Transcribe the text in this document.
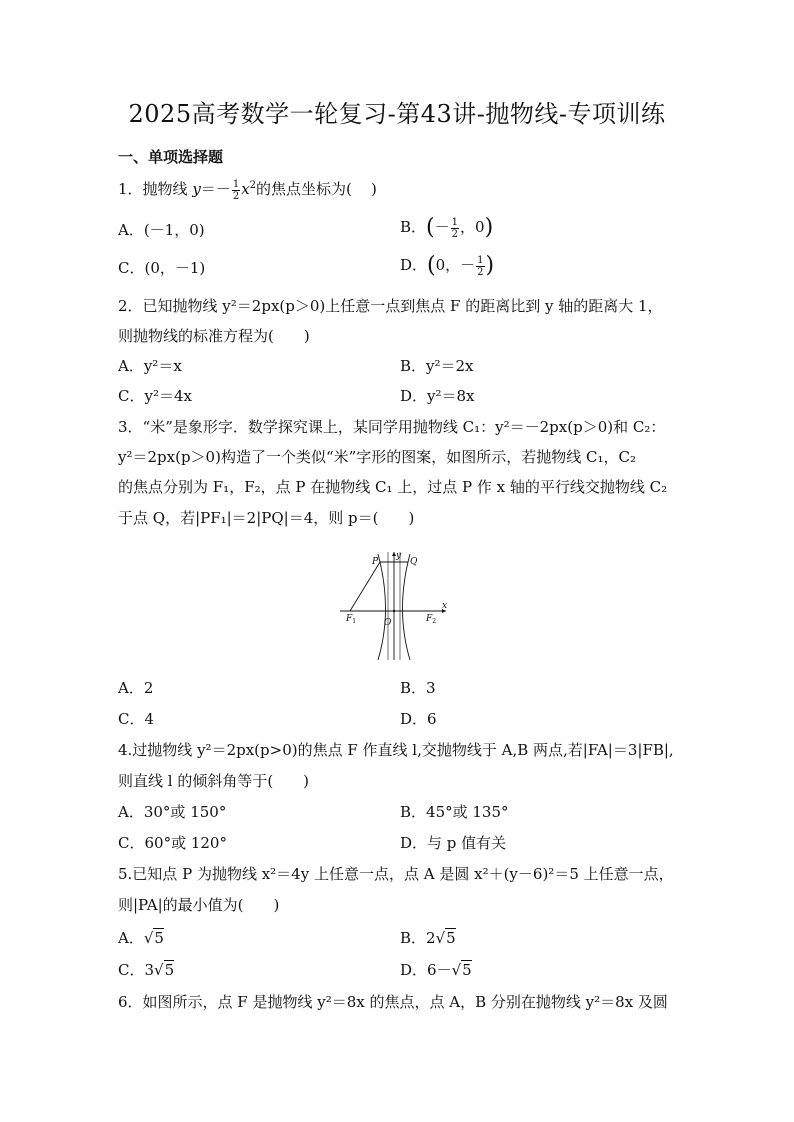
2025高考数学一轮复习-第43讲-抛物线-专项训练
一、单项选择题
1．抛物线 $y=- \frac{1}{2} x^2$的焦点坐标为( )
A．(－1，0)	B．(－ $\frac{1}{2}$ ，0)
C．(0，－1)	D．(0，－ $\frac{1}{2}$ )
2．已知抛物线 y²＝2px(p＞0)上任意一点到焦点 F 的距离比到 y 轴的距离大 1，
则抛物线的标准方程为(　　)
A．y²＝x	B．y²＝2x
C．y²＝4x	D．y²＝8x
3．“米”是象形字．数学探究课上，某同学用抛物线 C₁：y²＝－2px(p＞0)和 C₂：
y²＝2px(p＞0)构造了一个类似“米”字形的图案，如图所示，若抛物线 C₁，C₂
的焦点分别为 F₁，F₂，点 P 在抛物线 C₁ 上，过点 P 作 x 轴的平行线交抛物线 C₂
于点 Q，若|PF₁|＝2|PQ|＝4，则 p＝(　　)
P	Q
y
x
$F_1$	$F_2$
O
A．2	B．3
C．4	D．6
4.过抛物线 y²＝2px(p>0)的焦点 F 作直线 l,交抛物线于 A,B 两点,若|FA|＝3|FB|,
则直线 l 的倾斜角等于(　　)
A．30°或 150°	B．45°或 135°
C．60°或 120°	D．与 p 值有关
5.已知点 P 为抛物线 x²＝4y 上任意一点，点 A 是圆 x²＋(y－6)²＝5 上任意一点，
则|PA|的最小值为(　　)
A．√5	B．2√5
C．3√5	D．6－√5
6．如图所示，点 F 是抛物线 y²＝8x 的焦点，点 A，B 分别在抛物线 y²＝8x 及圆
